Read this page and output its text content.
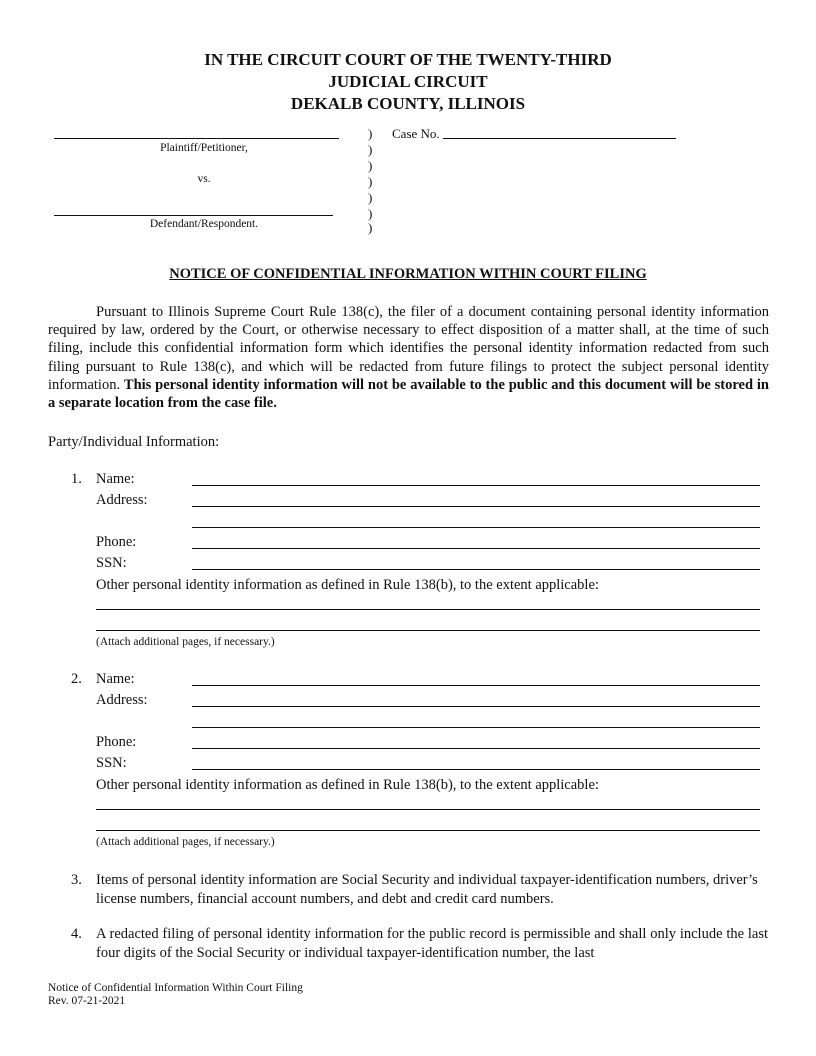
IN THE CIRCUIT COURT OF THE TWENTY-THIRD
JUDICIAL CIRCUIT
DEKALB COUNTY, ILLINOIS
Plaintiff/Petitioner,
vs.
Defendant/Respondent.
)
)
)
)
)
)
)
Case No.
NOTICE OF CONFIDENTIAL INFORMATION WITHIN COURT FILING
Pursuant to Illinois Supreme Court Rule 138(c), the filer of a document containing personal identity information required by law, ordered by the Court, or otherwise necessary to effect disposition of a matter shall, at the time of such filing, include this confidential information form which identifies the personal identity information redacted from such filing pursuant to Rule 138(c), and which will be redacted from future filings to protect the subject personal identity information. This personal identity information will not be available to the public and this document will be stored in a separate location from the case file.
Party/Individual Information:
1. Name:
Address:
Phone:
SSN:
Other personal identity information as defined in Rule 138(b), to the extent applicable:
(Attach additional pages, if necessary.)
2. Name:
Address:
Phone:
SSN:
Other personal identity information as defined in Rule 138(b), to the extent applicable:
(Attach additional pages, if necessary.)
3. Items of personal identity information are Social Security and individual taxpayer-identification numbers, driver’s license numbers, financial account numbers, and debt and credit card numbers.
4. A redacted filing of personal identity information for the public record is permissible and shall only include the last four digits of the Social Security or individual taxpayer-identification number, the last
Notice of Confidential Information Within Court Filing
Rev. 07-21-2021
